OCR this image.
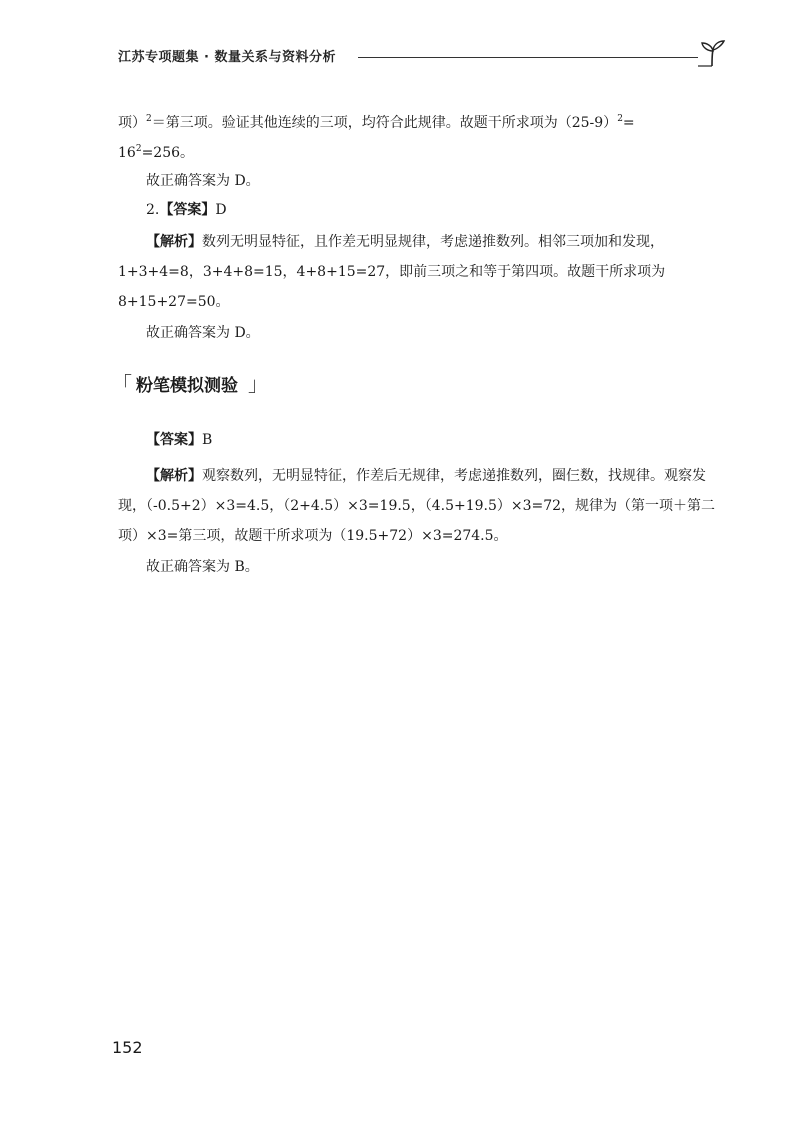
江苏专项题集 · 数量关系与资料分析

项）$^2$＝第三项。验证其他连续的三项，均符合此规律。故题干所求项为$(25-9)^2=$

$16^2=256$。

故正确答案为 D。

2.【答案】D

【解析】数列无明显特征，且作差无明显规律，考虑递推数列。相邻三项加和发现，1+3+4=8，3+4+8=15，4+8+15=27，即前三项之和等于第四项。故题干所求项为 8+15+27=50。

故正确答案为 D。

「 粉笔模拟测验 」

【答案】B

【解析】观察数列，无明显特征，作差后无规律，考虑递推数列，圈仨数，找规律。观察发现，（-0.5+2）×3=4.5，（2+4.5）×3=19.5，（4.5+19.5）×3=72，规律为（第一项＋第二项）×3=第三项，故题干所求项为（19.5+72）×3=274.5。

故正确答案为 B。

152
